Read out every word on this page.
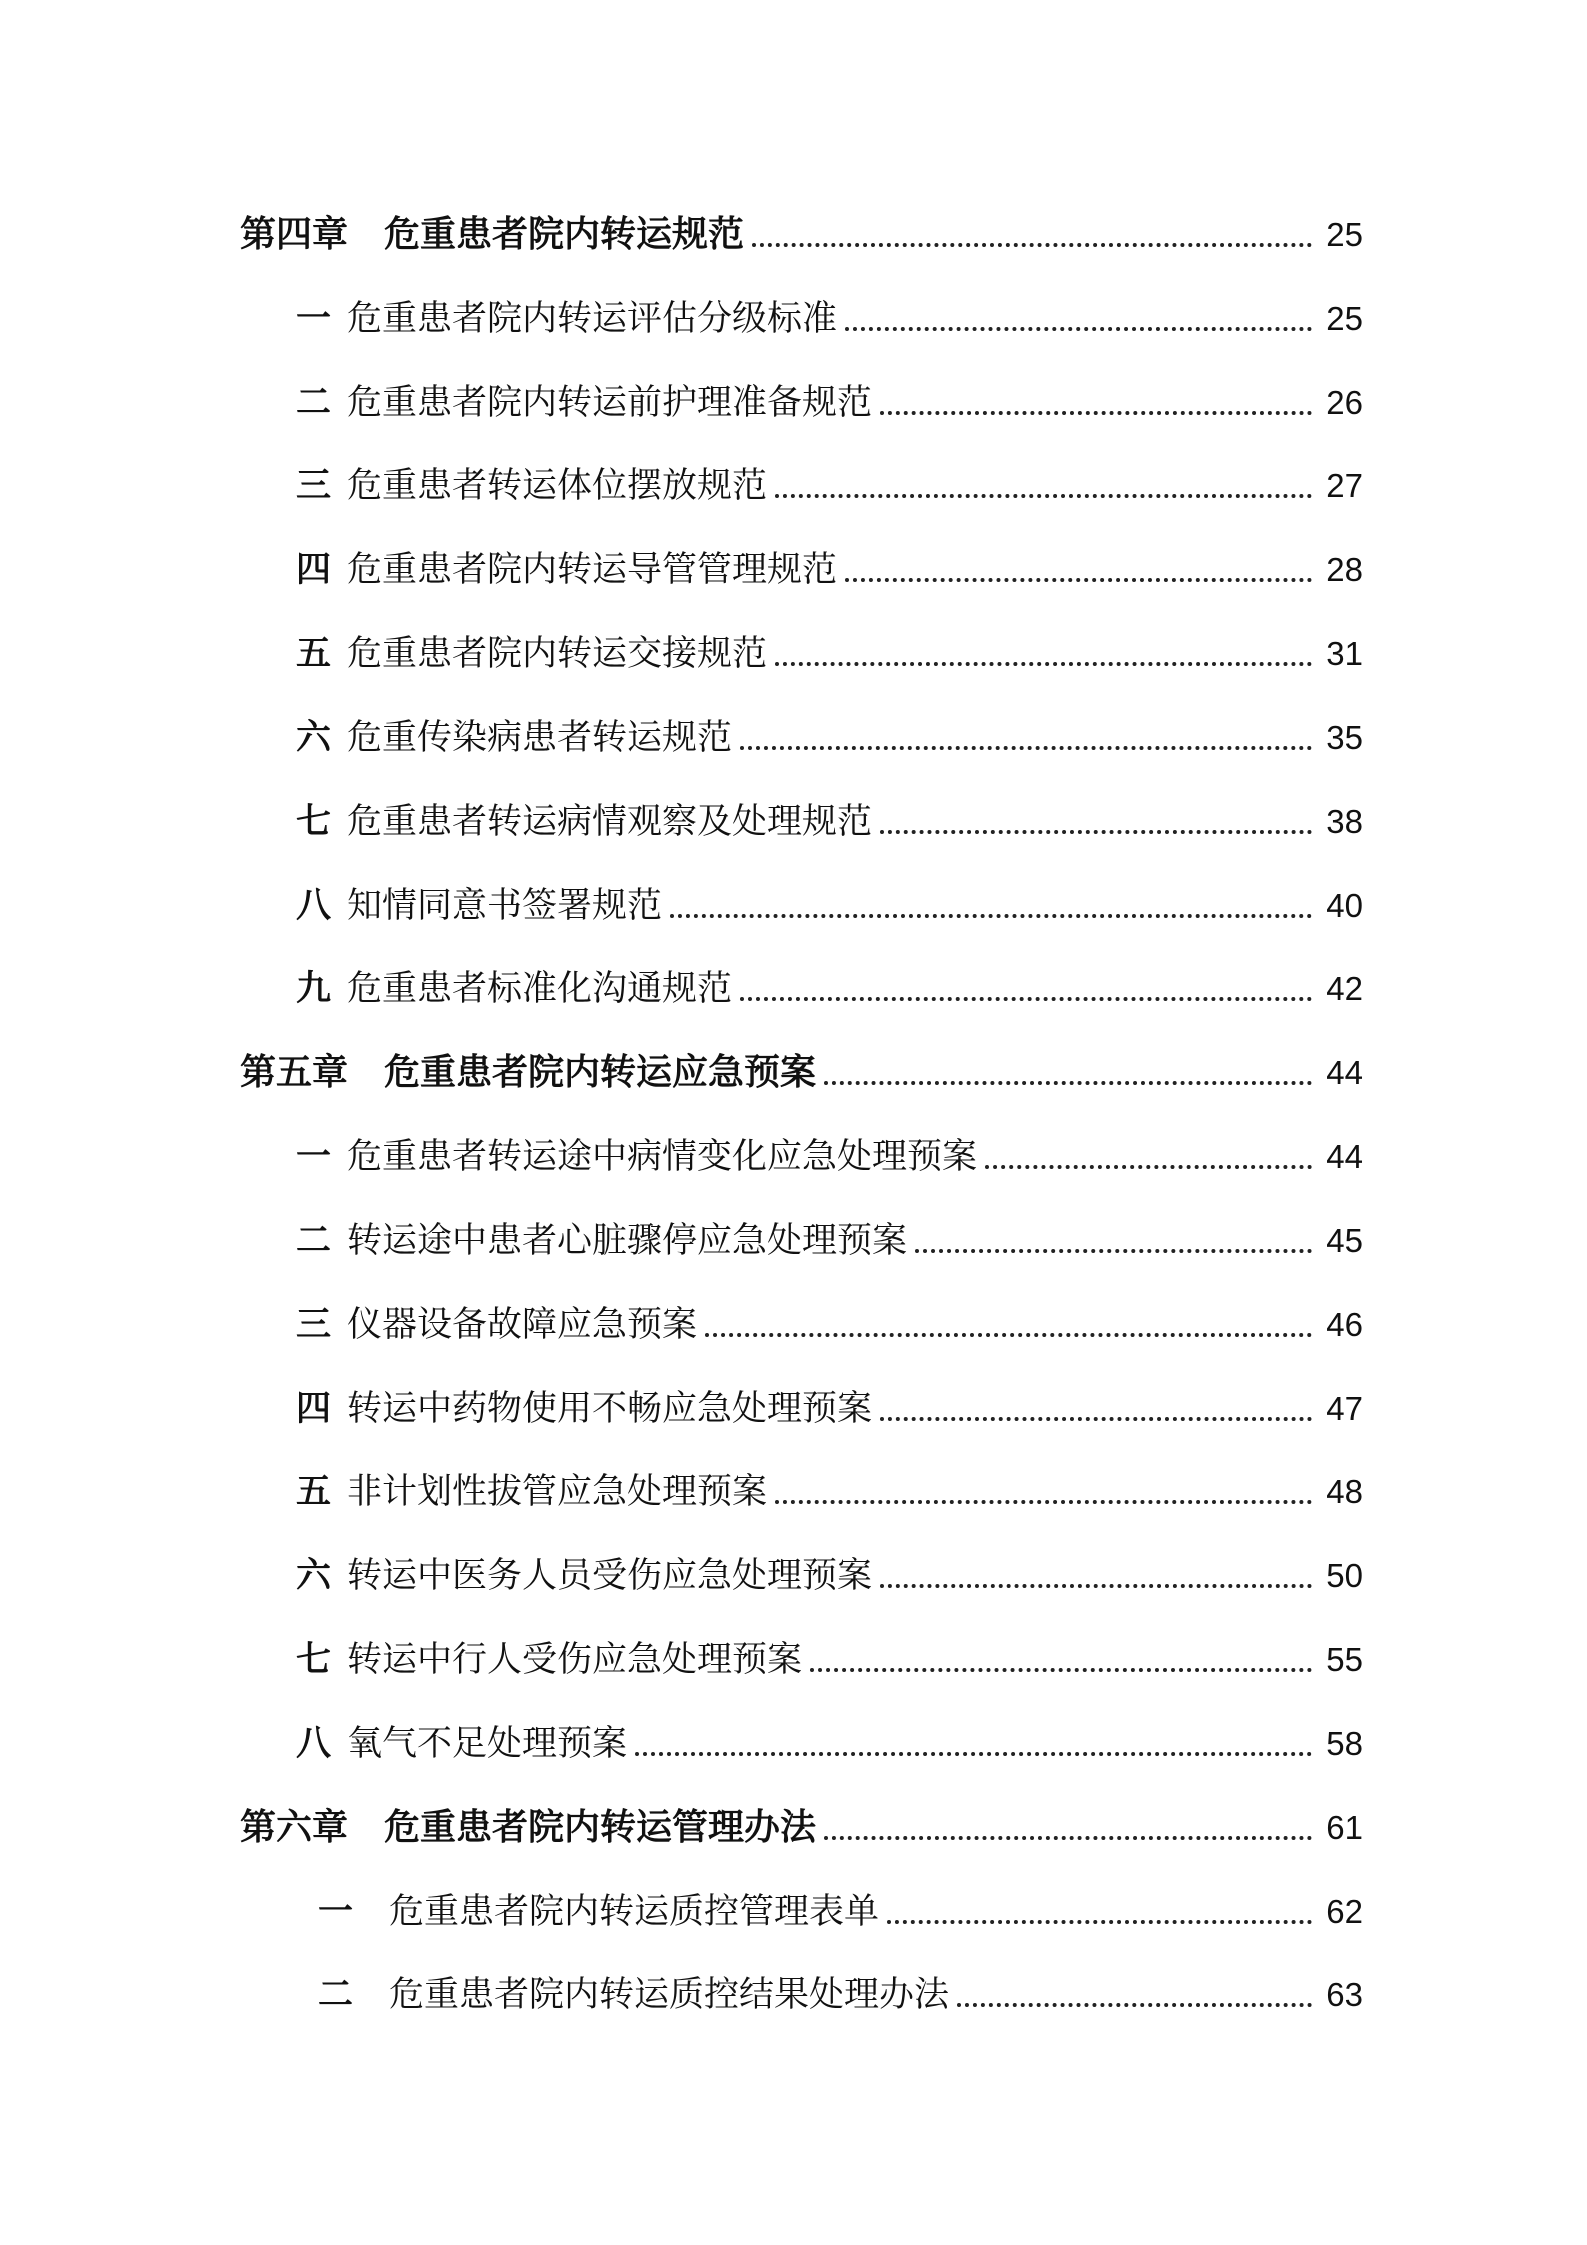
第四章 危重患者院内转运规范	25
一 危重患者院内转运评估分级标准	25
二 危重患者院内转运前护理准备规范	26
三 危重患者转运体位摆放规范	27
四 危重患者院内转运导管管理规范	28
五 危重患者院内转运交接规范	31
六 危重传染病患者转运规范	35
七 危重患者转运病情观察及处理规范	38
八 知情同意书签署规范	40
九 危重患者标准化沟通规范	42
第五章 危重患者院内转运应急预案	44
一 危重患者转运途中病情变化应急处理预案	44
二 转运途中患者心脏骤停应急处理预案	45
三 仪器设备故障应急预案	46
四 转运中药物使用不畅应急处理预案	47
五 非计划性拔管应急处理预案	48
六 转运中医务人员受伤应急处理预案	50
七 转运中行人受伤应急处理预案	55
八 氧气不足处理预案	58
第六章 危重患者院内转运管理办法	61
一 危重患者院内转运质控管理表单	62
二 危重患者院内转运质控结果处理办法	63
